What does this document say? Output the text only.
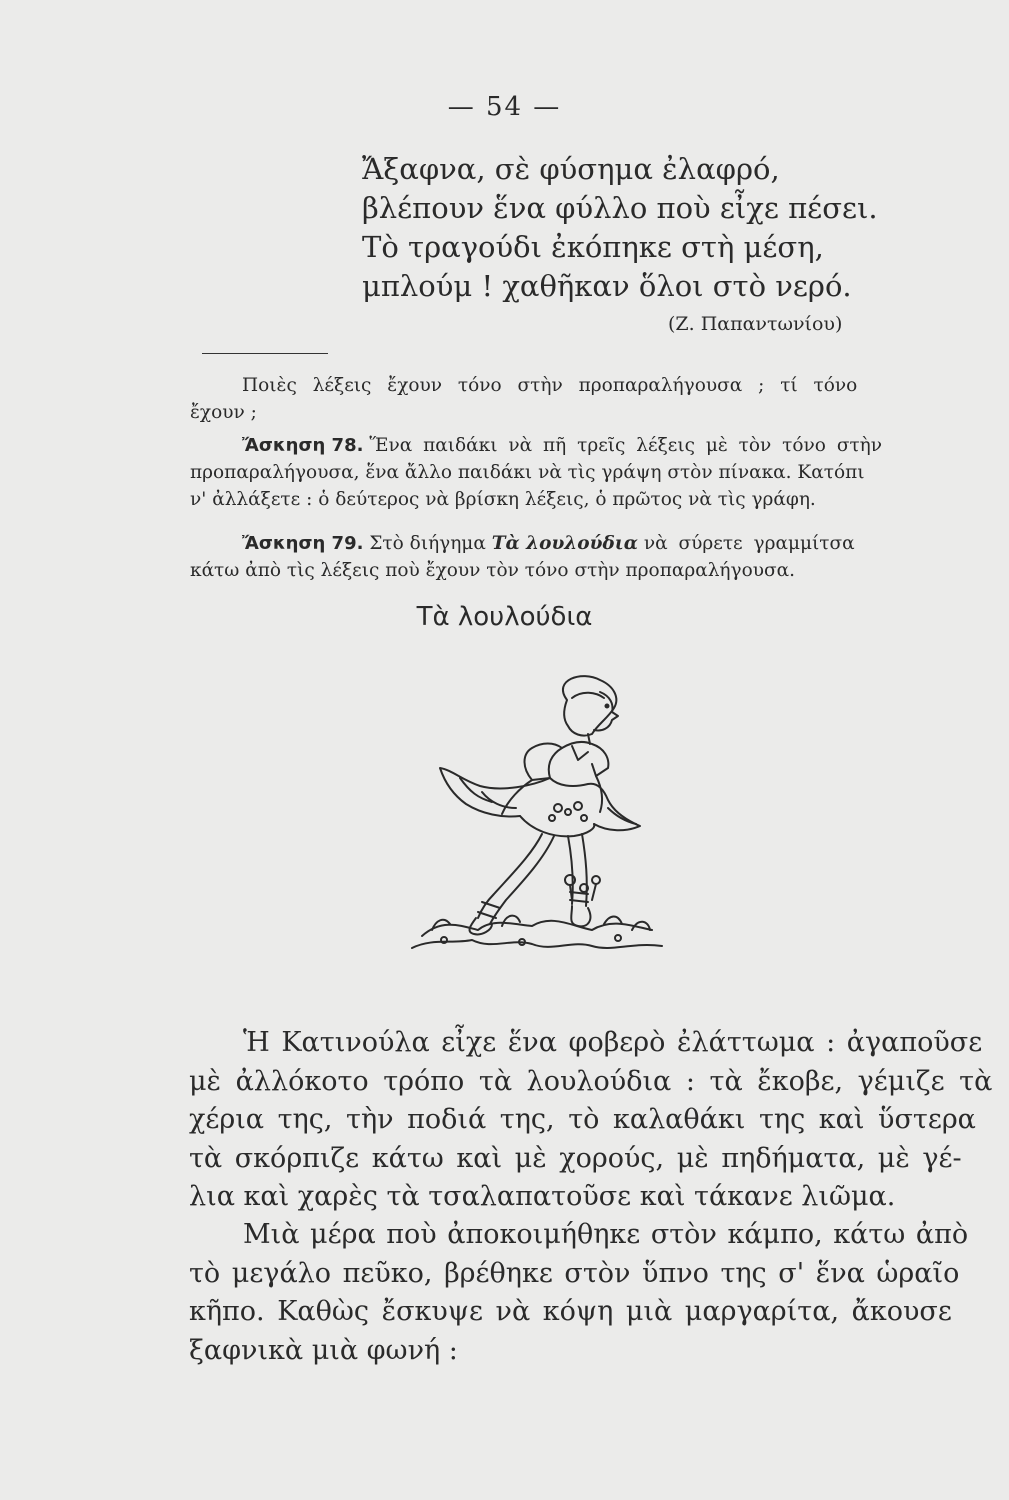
— 54 —
Ἄξαφνα, σὲ φύσημα ἐλαφρό,
βλέπουν ἕνα φύλλο ποὺ εἶχε πέσει.
Τὸ τραγούδι ἐκόπηκε στὴ μέση,
μπλούμ ! χαθῆκαν ὅλοι στὸ νερό.
(Ζ. Παπαντωνίου)
Ποιὲς λέξεις ἔχουν τόνο στὴν προπαραλήγουσα ; τί τόνο
ἔχουν ;
Ἄσκηση 78. Ἕνα παιδάκι νὰ πῆ τρεῖς λέξεις μὲ τὸν τόνο στὴν
προπαραλήγουσα, ἕνα ἄλλο παιδάκι νὰ τὶς γράψη στὸν πίνακα. Κατόπι
ν' ἀλλάξετε : ὁ δεύτερος νὰ βρίσκη λέξεις, ὁ πρῶτος νὰ τὶς γράφη.
Ἄσκηση 79. Στὸ διήγημα Τὰ λουλούδια νὰ σύρετε γραμμίτσα
κάτω ἀπὸ τὶς λέξεις ποὺ ἔχουν τὸν τόνο στὴν προπαραλήγουσα.
Τὰ λουλούδια
Ἡ Κατινούλα εἶχε ἕνα φοβερὸ ἐλάττωμα : ἀγαποῦσε
μὲ ἀλλόκοτο τρόπο τὰ λουλούδια : τὰ ἔκοβε, γέμιζε τὰ
χέρια της, τὴν ποδιά της, τὸ καλαθάκι της καὶ ὕστερα
τὰ σκόρπιζε κάτω καὶ μὲ χορούς, μὲ πηδήματα, μὲ γέ-
λια καὶ χαρὲς τὰ τσαλαπατοῦσε καὶ τάκανε λιῶμα.
Μιὰ μέρα ποὺ ἀποκοιμήθηκε στὸν κάμπο, κάτω ἀπὸ
τὸ μεγάλο πεῦκο, βρέθηκε στὸν ὕπνο της σ' ἕνα ὡραῖο
κῆπο. Καθὼς ἔσκυψε νὰ κόψη μιὰ μαργαρίτα, ἄκουσε
ξαφνικὰ μιὰ φωνή :
